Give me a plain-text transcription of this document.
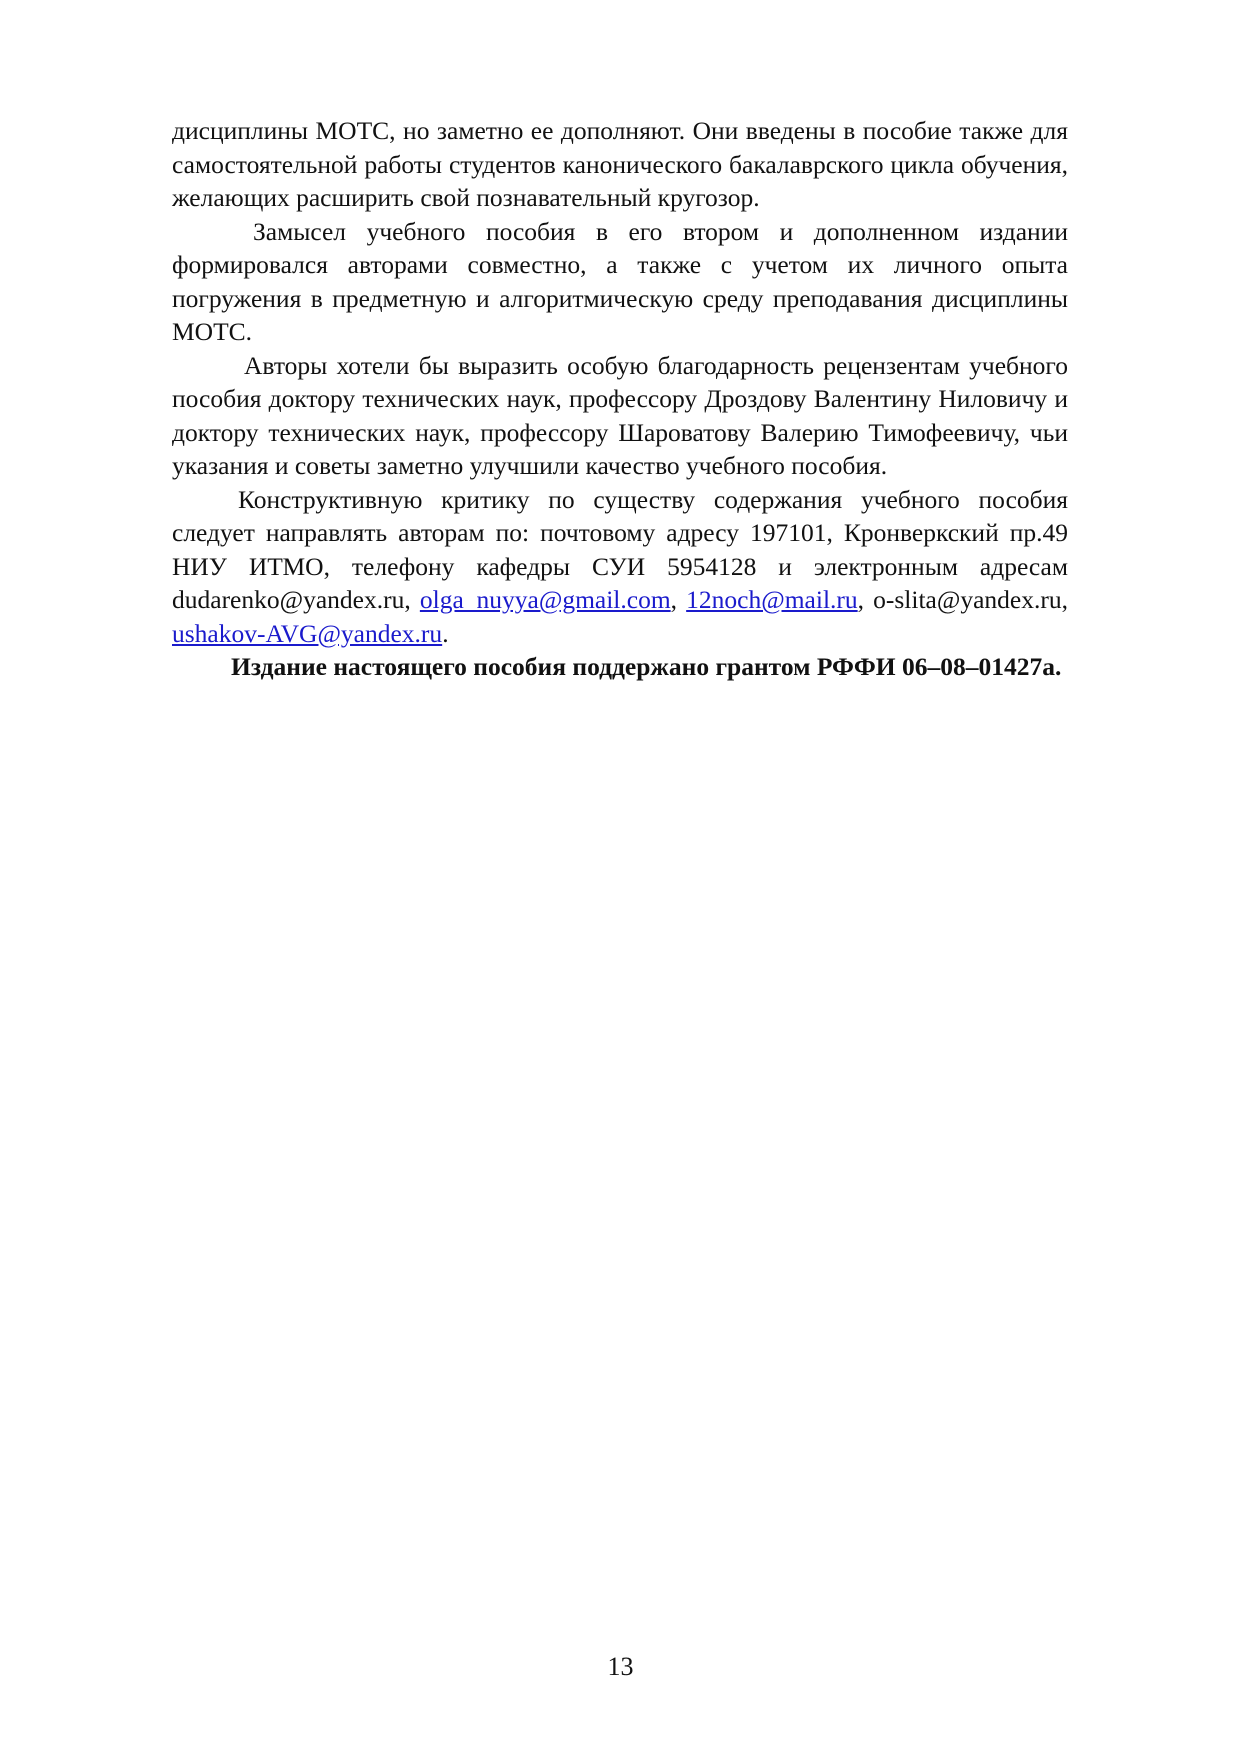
дисциплины МОТС, но заметно ее дополняют. Они введены в пособие также для самостоятельной работы студентов канонического бакалаврского цикла обучения, желающих расширить свой познавательный кругозор.

Замысел учебного пособия в его втором и дополненном издании формировался авторами совместно, а также с учетом их личного опыта погружения в предметную и алгоритмическую среду преподавания дисциплины МОТС.

Авторы хотели бы выразить особую благодарность рецензентам учебного пособия доктору технических наук, профессору Дроздову Валентину Ниловичу и доктору технических наук, профессору Шароватову Валерию Тимофеевичу, чьи указания и советы заметно улучшили качество учебного пособия.

Конструктивную критику по существу содержания учебного пособия следует направлять авторам по: почтовому адресу 197101, Кронверкский пр.49 НИУ ИТМО, телефону кафедры СУИ 5954128 и электронным адресам dudarenko@yandex.ru, olga_nuyya@gmail.com, 12noch@mail.ru, o-slita@yandex.ru, ushakov-AVG@yandex.ru.

Издание настоящего пособия поддержано грантом РФФИ 06–08–01427а.

13
